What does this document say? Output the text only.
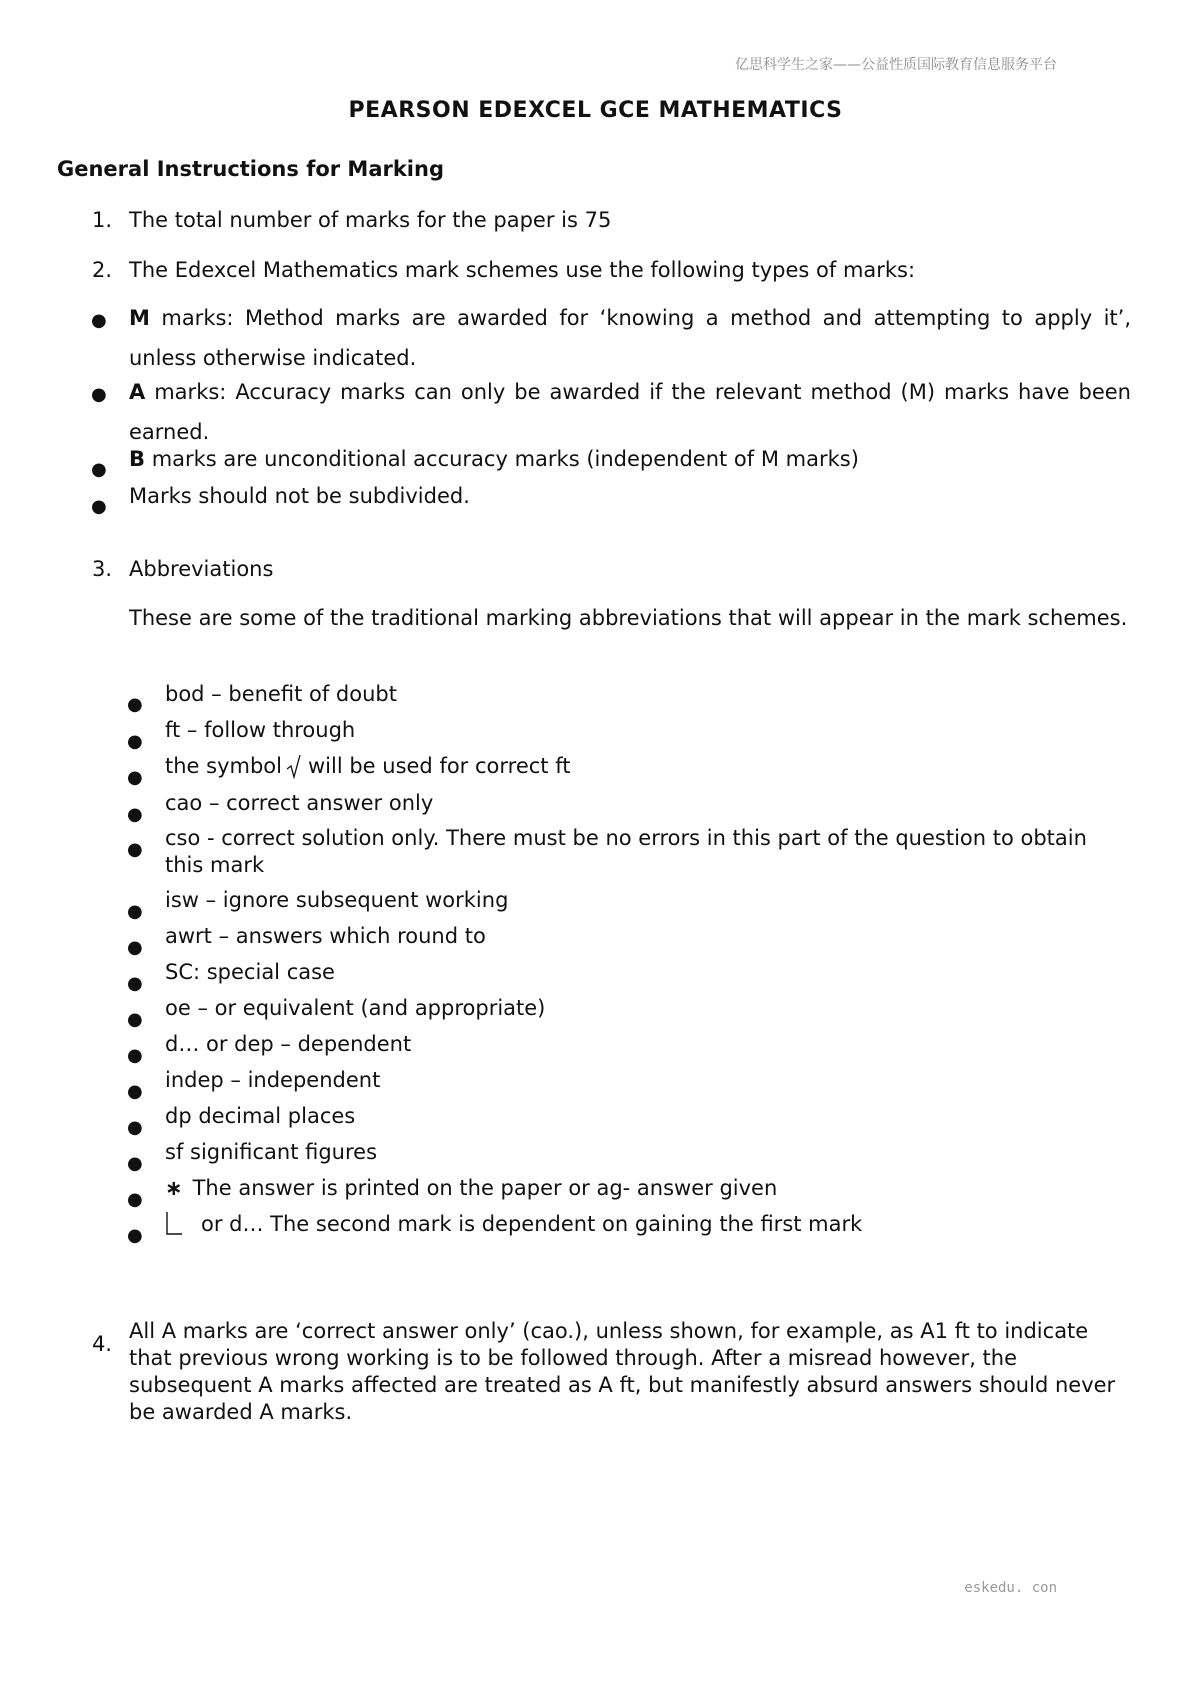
亿思科学生之家——公益性质国际教育信息服务平台
PEARSON EDEXCEL GCE MATHEMATICS
General Instructions for Marking
1. The total number of marks for the paper is 75
2. The Edexcel Mathematics mark schemes use the following types of marks:
● M marks: Method marks are awarded for ‘knowing a method and attempting to apply it’, unless otherwise indicated.
● A marks: Accuracy marks can only be awarded if the relevant method (M) marks have been earned.
● B marks are unconditional accuracy marks (independent of M marks)
● Marks should not be subdivided.
3. Abbreviations
These are some of the traditional marking abbreviations that will appear in the mark schemes.
● bod – benefit of doubt
● ft – follow through
● the symbol will be used for correct ft
● cao – correct answer only
● cso - correct solution only. There must be no errors in this part of the question to obtain this mark
● isw – ignore subsequent working
● awrt – answers which round to
● SC: special case
● oe – or equivalent (and appropriate)
● d… or dep – dependent
● indep – independent
● dp decimal places
● sf significant figures
● ∗ The answer is printed on the paper or ag- answer given
●	or d… The second mark is dependent on gaining the first mark
4.
All A marks are ‘correct answer only’ (cao.), unless shown, for example, as A1 ft to indicate that previous wrong working is to be followed through. After a misread however, the subsequent A marks affected are treated as A ft, but manifestly absurd answers should never be awarded A marks.
eskedu. con
